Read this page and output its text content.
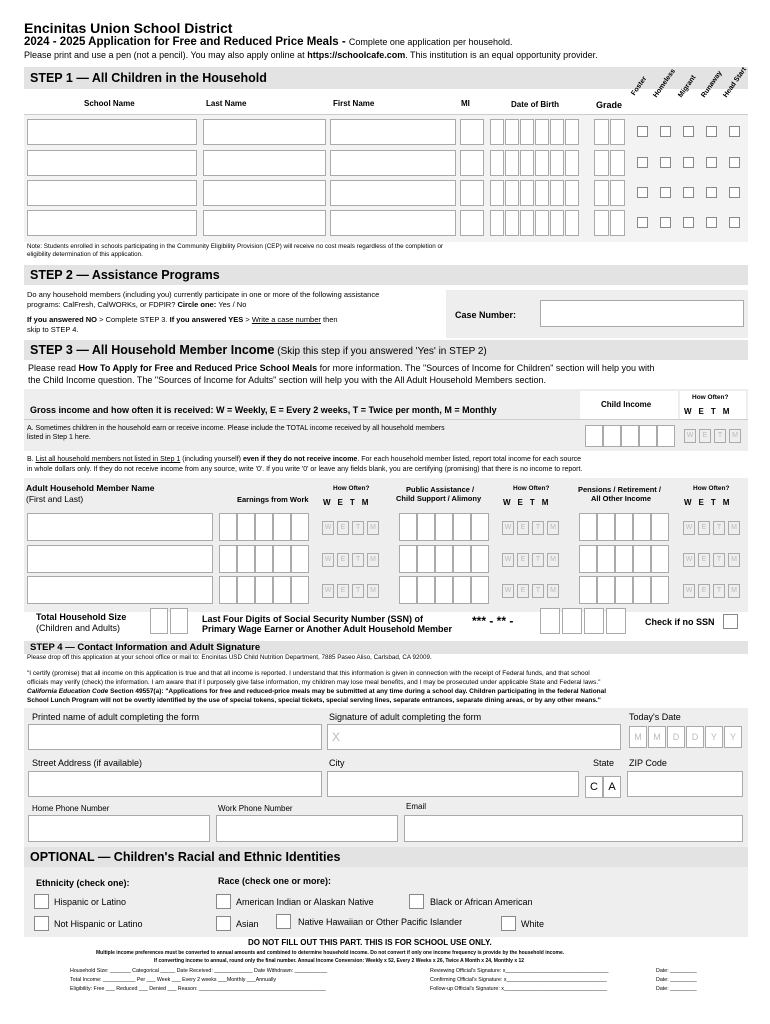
Encinitas Union School District
2024 - 2025 Application for Free and Reduced Price Meals - Complete one application per household.
Please print and use a pen (not a pencil). You may also apply online at https://schoolcafe.com. This institution is an equal opportunity provider.
STEP 1 — All Children in the Household	Foster Homeless Migrant Runaway
Head Start
School Name	Last Name	First Name	MI	Date of Birth	Grade
Note: Students enrolled in schools participating in the Community Eligibility Provision (CEP) will receive no cost meals regardless of the completion or eligibility determination of this application.
STEP 2 — Assistance Programs
Do any household members (including you) currently participate in one or more of the following assistance
programs: CalFresh, CalWORKs, or FDPIR? Circle one: Yes / No
If you answered NO > Complete STEP 3. If you answered YES > Write a case number then
skip to STEP 4.
Case Number:
STEP 3 — All Household Member Income (Skip this step if you answered 'Yes' in STEP 2)
Please read How To Apply for Free and Reduced Price School Meals for more information. The "Sources of Income for Children" section will help you with
the Child Income question. The "Sources of Income for Adults" section will help you with the All Adult Household Members section.
Gross income and how often it is received: W = Weekly, E = Every 2 weeks, T = Twice per month, M = Monthly
Child Income
How Often?
WETM
A. Sometimes children in the household earn or receive income. Please include the TOTAL income received by all household members
listed in Step 1 here.	W	E	T	M
B. List all household members not listed in Step 1 (including yourself) even if they do not receive income. For each household member listed, report total income for each source
in whole dollars only. If they do not receive income from any source, write '0'. If you write '0' or leave any fields blank, you are certifying (promising) that there is no income to report.
Adult Household Member Name
(First and Last)	Earnings from Work
How Often?
WETM
Public Assistance /
Child Support / Alimony
How Often?
WETM
Pensions / Retirement /
All Other Income
How Often?
WETM
W	E	T	M	W	E	T	M	W	E	T	M
W	E	T	M	W	E	T	M	W	E	T	M
W	E	T	M	W	E	T	M	W	E	T	M
Total Household Size
(Children and Adults)
Last Four Digits of Social Security Number (SSN) of
Primary Wage Earner or Another Adult Household Member
*** - ** -	Check if no SSN
STEP 4 — Contact Information and Adult Signature
Please drop off this application at your school office or mail to: Encinitas USD Child Nutrition Department, 7885 Paseo Aliso, Carlsbad, CA 92009.
"I certify (promise) that all income on this application is true and that all income is reported. I understand that this information is given in connection with the receipt of Federal funds, and that school
officials may verify (check) the information. I am aware that if I purposely give false information, my children may lose meal benefits, and I may be prosecuted under applicable State and Federal laws."
California Education Code Section 49557(a): "Applications for free and reduced-price meals may be submitted at any time during a school day. Children participating in the federal National
School Lunch Program will not be overtly identified by the use of special tokens, special tickets, special serving lines, separate entrances, separate dining areas, or by any other means."
Printed name of adult completing the form	Signature of adult completing the form
X
Today's Date
M	M	D	D	Y	Y
Street Address (if available)	City	State
C A
ZIP Code
Home Phone Number	Work Phone Number	Email
OPTIONAL — Children's Racial and Ethnic Identities
Ethnicity (check one):
Hispanic or Latino
Not Hispanic or Latino
Race (check one or more):
American Indian or Alaskan Native	Black or African American
Asian	Native Hawaiian or Other Pacific Islander	White
DO NOT FILL OUT THIS PART. THIS IS FOR SCHOOL USE ONLY.
Multiple income preferences must be converted to annual amounts and combined to determine household income. Do not convert if only one income frequency is provide by the household income.
If converting income to annual, round only the final number. Annual Income Conversion: Weekly x 52, Every 2 Weeks x 26, Twice A Month x 24, Monthly x 12
Household Size: _______ Categorical _____ Date Received: _____________ Date Withdrawn: ___________
Total Income: ___________ Per ___ Week ___ Every 2 weeks ___Monthly ___Annually
Eligibility: Free ___ Reduced ___ Denied ___ Reason: ___________________________________________
Reviewing Official's Signature: x___________________________________
Confirming Official's Signature: x__________________________________
Follow-up Official's Signature: x___________________________________
Date: _________
Date: _________
Date: _________
